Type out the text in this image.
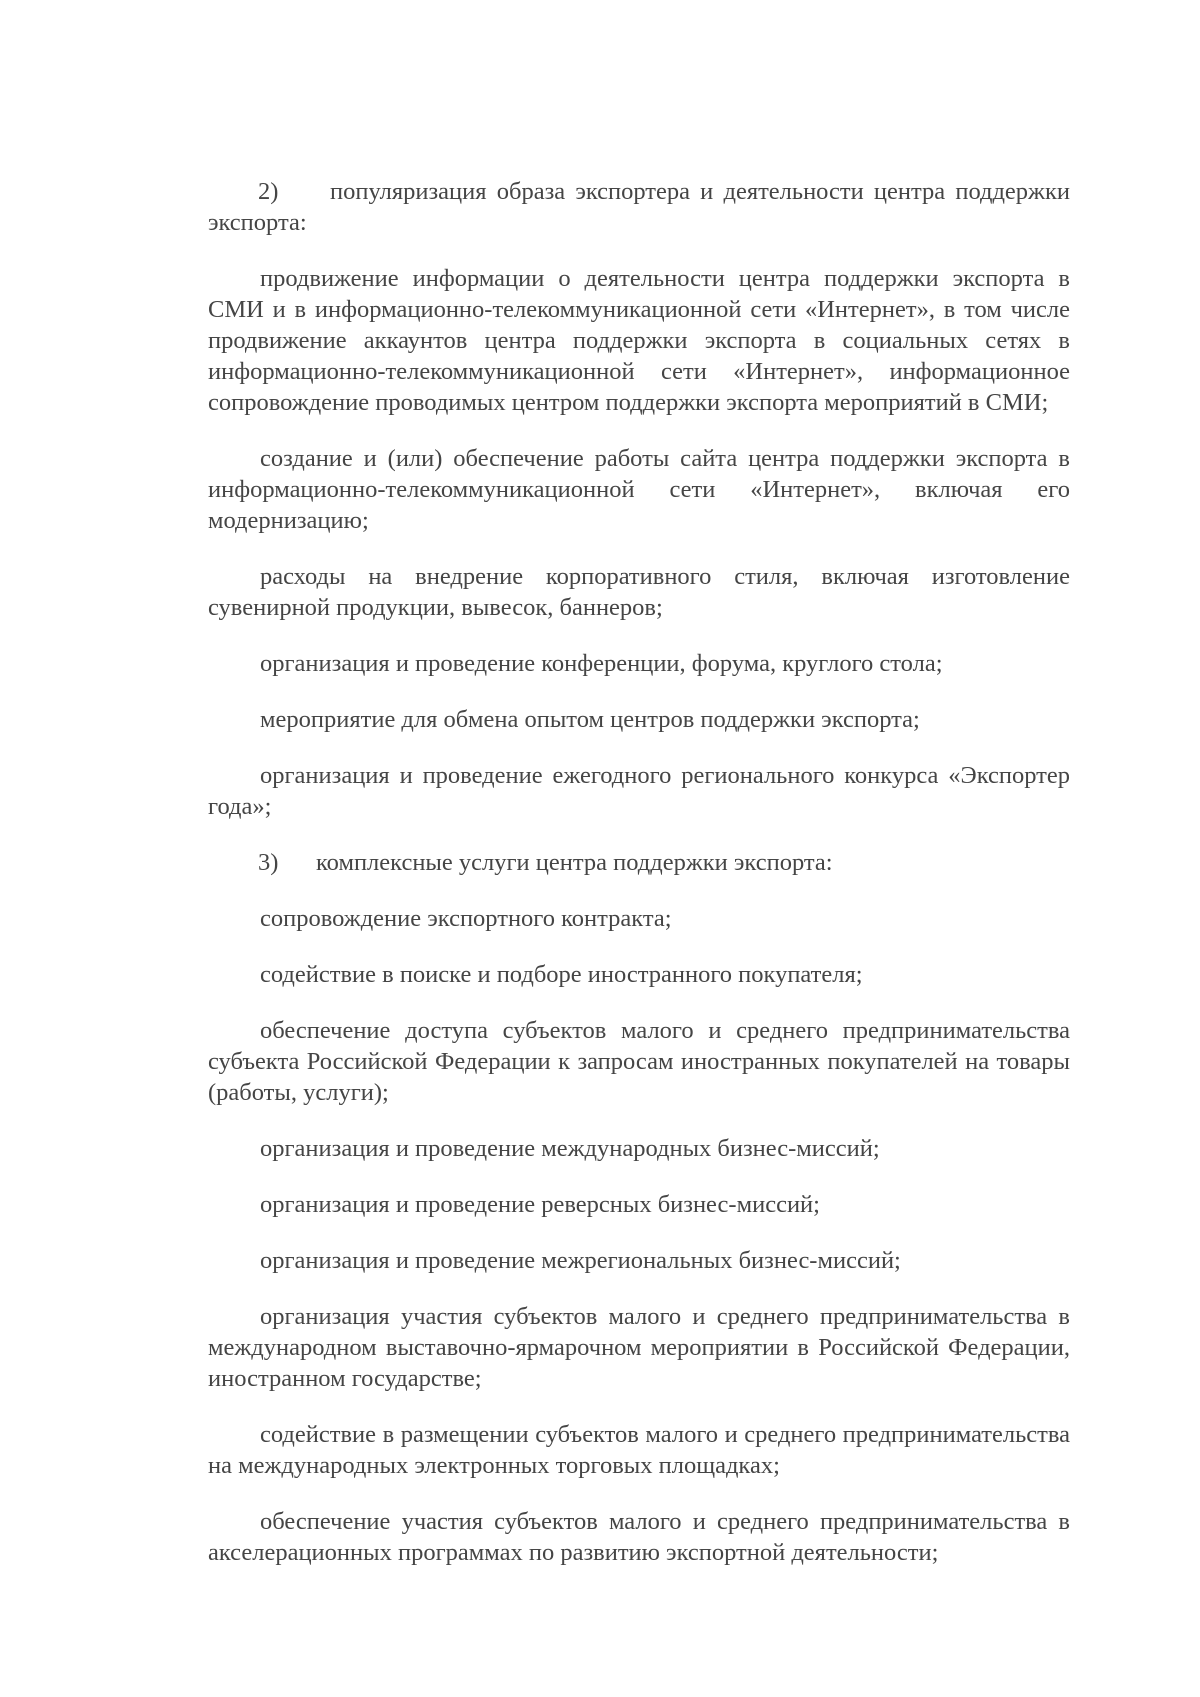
2) популяризация образа экспортера и деятельности центра поддержки экспорта:

продвижение информации о деятельности центра поддержки экспорта в СМИ и в информационно-телекоммуникационной сети «Интернет», в том числе продвижение аккаунтов центра поддержки экспорта в социальных сетях в информационно-телекоммуникационной сети «Интернет», информационное сопровождение проводимых центром поддержки экспорта мероприятий в СМИ;

создание и (или) обеспечение работы сайта центра поддержки экспорта в информационно-телекоммуникационной сети «Интернет», включая его модернизацию;

расходы на внедрение корпоративного стиля, включая изготовление сувенирной продукции, вывесок, баннеров;

организация и проведение конференции, форума, круглого стола;

мероприятие для обмена опытом центров поддержки экспорта;

организация и проведение ежегодного регионального конкурса «Экспортер года»;

3) комплексные услуги центра поддержки экспорта:

сопровождение экспортного контракта;

содействие в поиске и подборе иностранного покупателя;

обеспечение доступа субъектов малого и среднего предпринимательства субъекта Российской Федерации к запросам иностранных покупателей на товары (работы, услуги);

организация и проведение международных бизнес-миссий;

организация и проведение реверсных бизнес-миссий;

организация и проведение межрегиональных бизнес-миссий;

организация участия субъектов малого и среднего предпринимательства в международном выставочно-ярмарочном мероприятии в Российской Федерации, иностранном государстве;

содействие в размещении субъектов малого и среднего предпринимательства на международных электронных торговых площадках;

обеспечение участия субъектов малого и среднего предпринимательства в акселерационных программах по развитию экспортной деятельности;
